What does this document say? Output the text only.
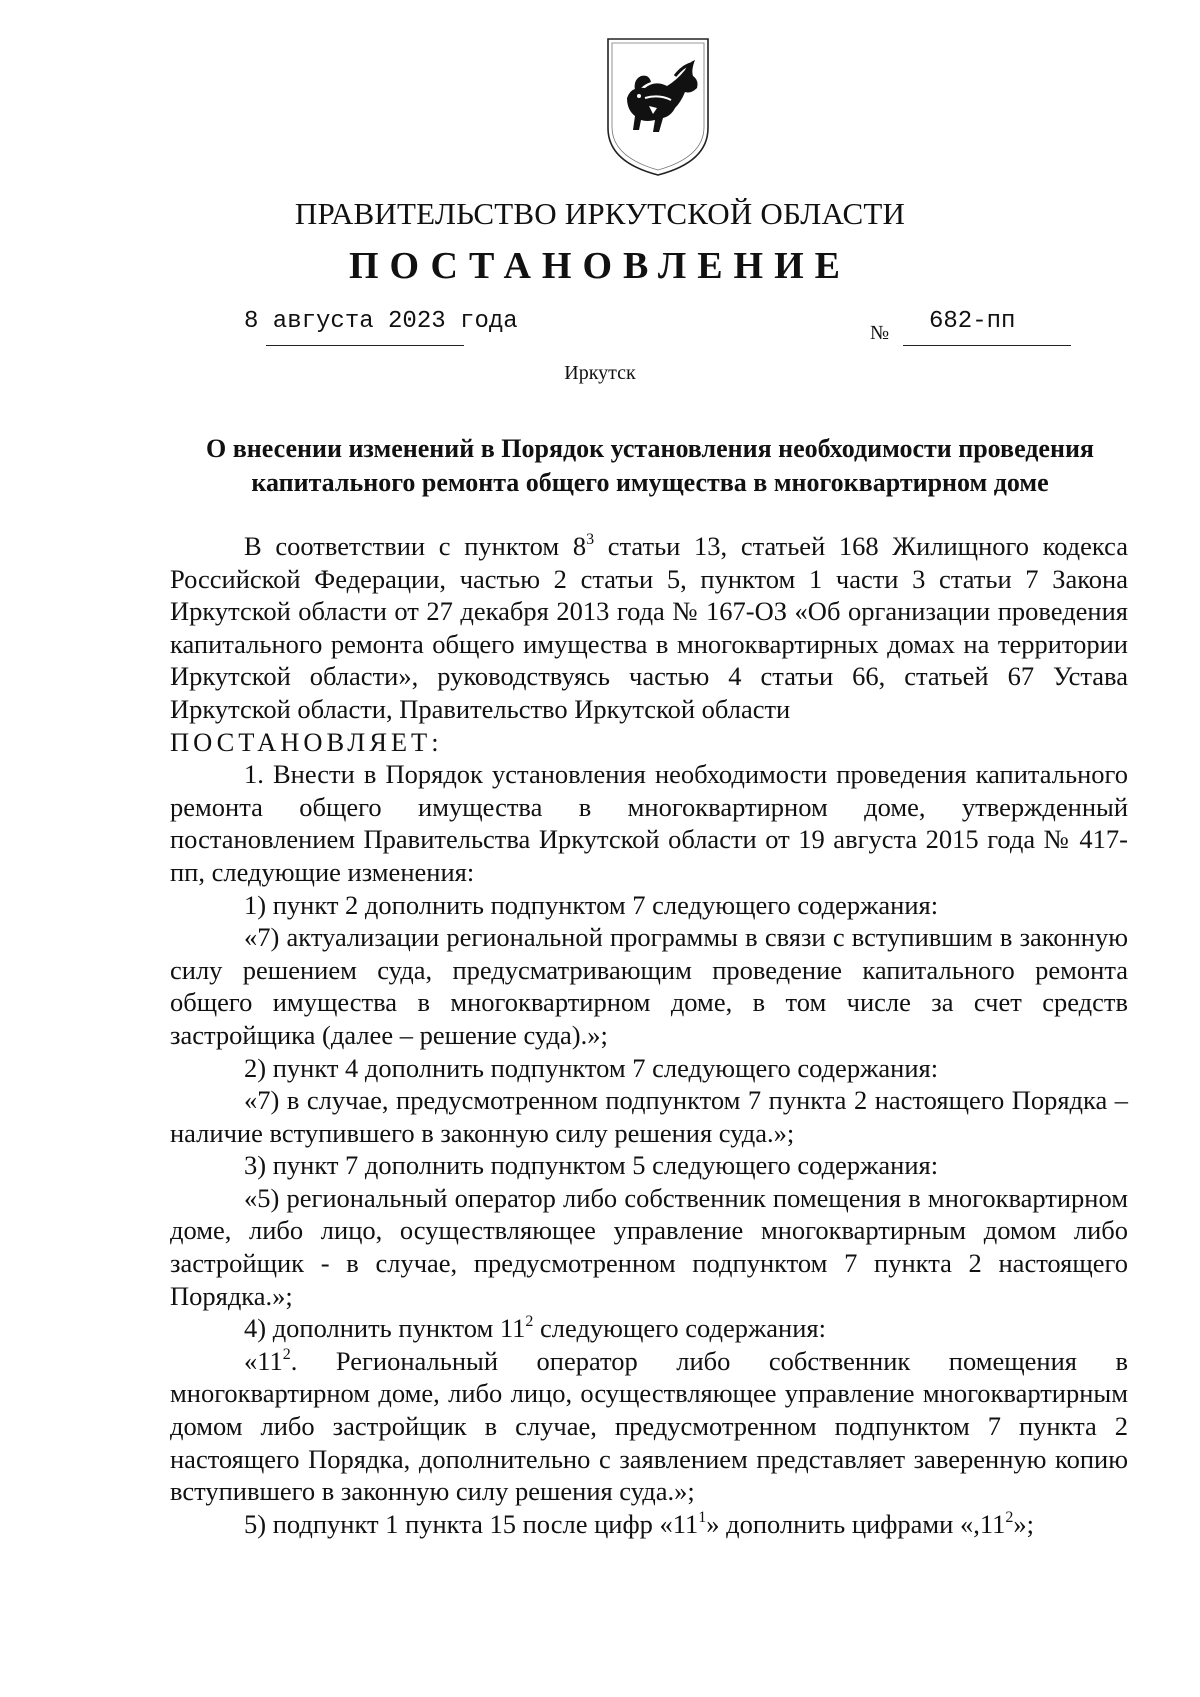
ПРАВИТЕЛЬСТВО ИРКУТСКОЙ ОБЛАСТИ
ПОСТАНОВЛЕНИЕ
8 августа 2023 года	№ 682-пп
Иркутск
О внесении изменений в Порядок установления необходимости проведения капитального ремонта общего имущества в многоквартирном доме

В соответствии с пунктом $8^3$ статьи 13, статьей 168 Жилищного кодекса Российской Федерации, частью 2 статьи 5, пунктом 1 части 3 статьи 7 Закона Иркутской области от 27 декабря 2013 года № 167-ОЗ «Об организации проведения капитального ремонта общего имущества в многоквартирных домах на территории Иркутской области», руководствуясь частью 4 статьи 66, статьей 67 Устава Иркутской области, Правительство Иркутской области

ПОСТАНОВЛЯЕТ:

1. Внести в Порядок установления необходимости проведения капитального ремонта общего имущества в многоквартирном доме, утвержденный постановлением Правительства Иркутской области от 19 августа 2015 года № 417-пп, следующие изменения:

1) пункт 2 дополнить подпунктом 7 следующего содержания:

«7) актуализации региональной программы в связи с вступившим в законную силу решением суда, предусматривающим проведение капитального ремонта общего имущества в многоквартирном доме, в том числе за счет средств застройщика (далее – решение суда).»;

2) пункт 4 дополнить подпунктом 7 следующего содержания:

«7) в случае, предусмотренном подпунктом 7 пункта 2 настоящего Порядка – наличие вступившего в законную силу решения суда.»;

3) пункт 7 дополнить подпунктом 5 следующего содержания:

«5) региональный оператор либо собственник помещения в многоквартирном доме, либо лицо, осуществляющее управление многоквартирным домом либо застройщик - в случае, предусмотренном подпунктом 7 пункта 2 настоящего Порядка.»;

4) дополнить пунктом $11^2$ следующего содержания:

«$11^2$. Региональный оператор либо собственник помещения в многоквартирном доме, либо лицо, осуществляющее управление многоквартирным домом либо застройщик в случае, предусмотренном подпунктом 7 пункта 2 настоящего Порядка, дополнительно с заявлением представляет заверенную копию вступившего в законную силу решения суда.»;

5) подпункт 1 пункта 15 после цифр «$11^1$» дополнить цифрами «$,11^2$»;
